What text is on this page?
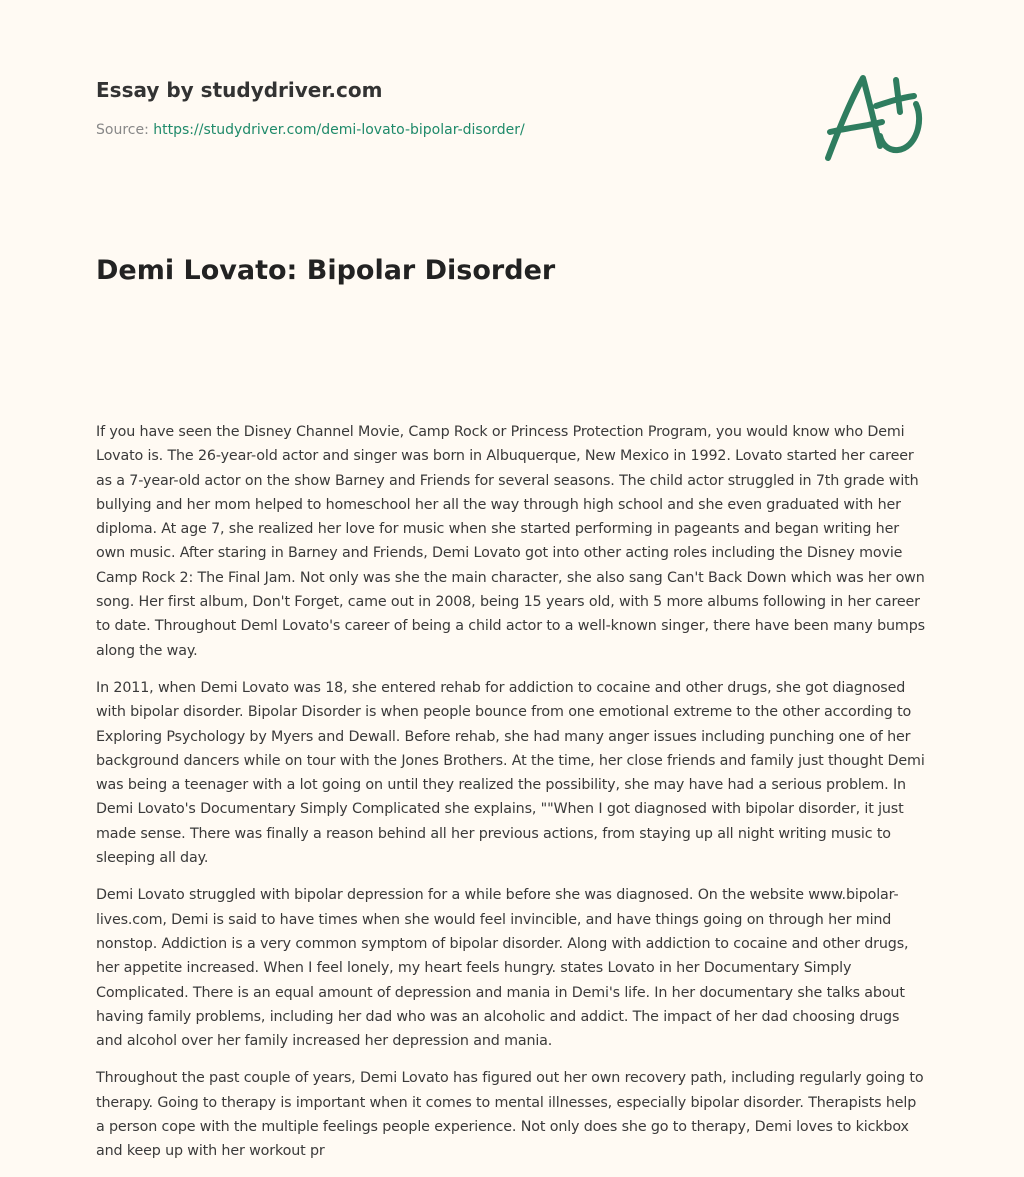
Essay by studydriver.com
Source: https://studydriver.com/demi-lovato-bipolar-disorder/
Demi Lovato: Bipolar Disorder

If you have seen the Disney Channel Movie, Camp Rock or Princess Protection Program, you would know who Demi Lovato is. The 26-year-old actor and singer was born in Albuquerque, New Mexico in 1992. Lovato started her career as a 7-year-old actor on the show Barney and Friends for several seasons. The child actor struggled in 7th grade with bullying and her mom helped to homeschool her all the way through high school and she even graduated with her diploma. At age 7, she realized her love for music when she started performing in pageants and began writing her own music. After staring in Barney and Friends, Demi Lovato got into other acting roles including the Disney movie Camp Rock 2: The Final Jam. Not only was she the main character, she also sang Can't Back Down which was her own song. Her first album, Don't Forget, came out in 2008, being 15 years old, with 5 more albums following in her career to date. Throughout Deml Lovato's career of being a child actor to a well-known singer, there have been many bumps along the way.

In 2011, when Demi Lovato was 18, she entered rehab for addiction to cocaine and other drugs, she got diagnosed with bipolar disorder. Bipolar Disorder is when people bounce from one emotional extreme to the other according to Exploring Psychology by Myers and Dewall. Before rehab, she had many anger issues including punching one of her background dancers while on tour with the Jones Brothers. At the time, her close friends and family just thought Demi was being a teenager with a lot going on until they realized the possibility, she may have had a serious problem. In Demi Lovato's Documentary Simply Complicated she explains, ""When I got diagnosed with bipolar disorder, it just made sense. There was finally a reason behind all her previous actions, from staying up all night writing music to sleeping all day.

Demi Lovato struggled with bipolar depression for a while before she was diagnosed. On the website www.bipolar-lives.com, Demi is said to have times when she would feel invincible, and have things going on through her mind nonstop. Addiction is a very common symptom of bipolar disorder. Along with addiction to cocaine and other drugs, her appetite increased. When I feel lonely, my heart feels hungry. states Lovato in her Documentary Simply Complicated. There is an equal amount of depression and mania in Demi's life. In her documentary she talks about having family problems, including her dad who was an alcoholic and addict. The impact of her dad choosing drugs and alcohol over her family increased her depression and mania.

Throughout the past couple of years, Demi Lovato has figured out her own recovery path, including regularly going to therapy. Going to therapy is important when it comes to mental illnesses, especially bipolar disorder. Therapists help a person cope with the multiple feelings people experience. Not only does she go to therapy, Demi loves to kickbox and keep up with her workout pr
